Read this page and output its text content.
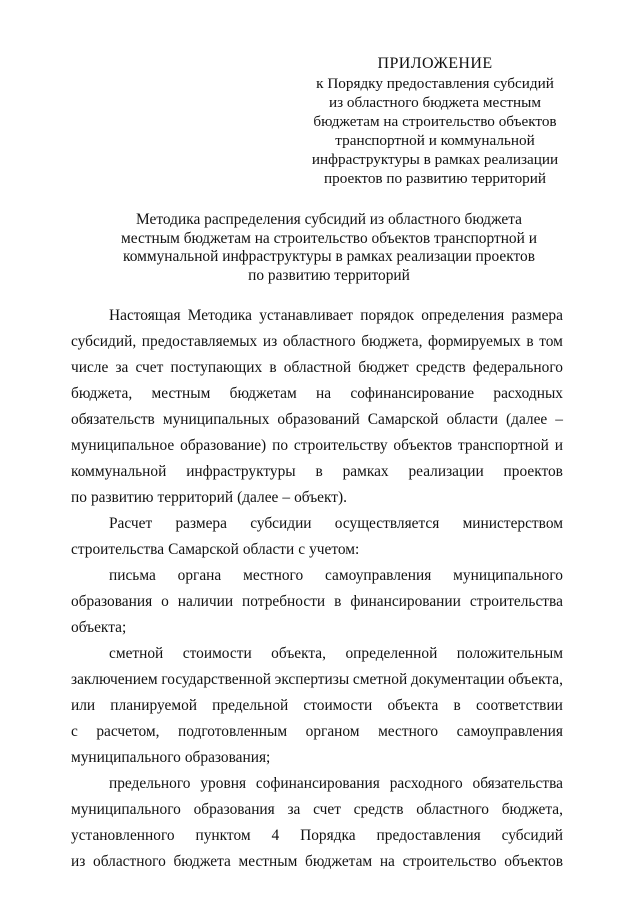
ПРИЛОЖЕНИЕ
к Порядку предоставления субсидий
из областного бюджета местным
бюджетам на строительство объектов
транспортной и коммунальной
инфраструктуры в рамках реализации
проектов по развитию территорий
Методика распределения субсидий из областного бюджета
местным бюджетам на строительство объектов транспортной и
коммунальной инфраструктуры в рамках реализации проектов
по развитию территорий
Настоящая Методика устанавливает порядок определения размера
субсидий, предоставляемых из областного бюджета, формируемых в том
числе за счет поступающих в областной бюджет средств федерального
бюджета, местным бюджетам на софинансирование расходных
обязательств муниципальных образований Самарской области (далее –
муниципальное образование) по строительству объектов транспортной и
коммунальной инфраструктуры в рамках реализации проектов
по развитию территорий (далее – объект).
Расчет размера субсидии осуществляется министерством
строительства Самарской области с учетом:
письма органа местного самоуправления муниципального
образования о наличии потребности в финансировании строительства
объекта;
сметной стоимости объекта, определенной положительным
заключением государственной экспертизы сметной документации объекта,
или планируемой предельной стоимости объекта в соответствии
с расчетом, подготовленным органом местного самоуправления
муниципального образования;
предельного уровня софинансирования расходного обязательства
муниципального образования за счет средств областного бюджета,
установленного пунктом 4 Порядка предоставления субсидий
из областного бюджета местным бюджетам на строительство объектов
